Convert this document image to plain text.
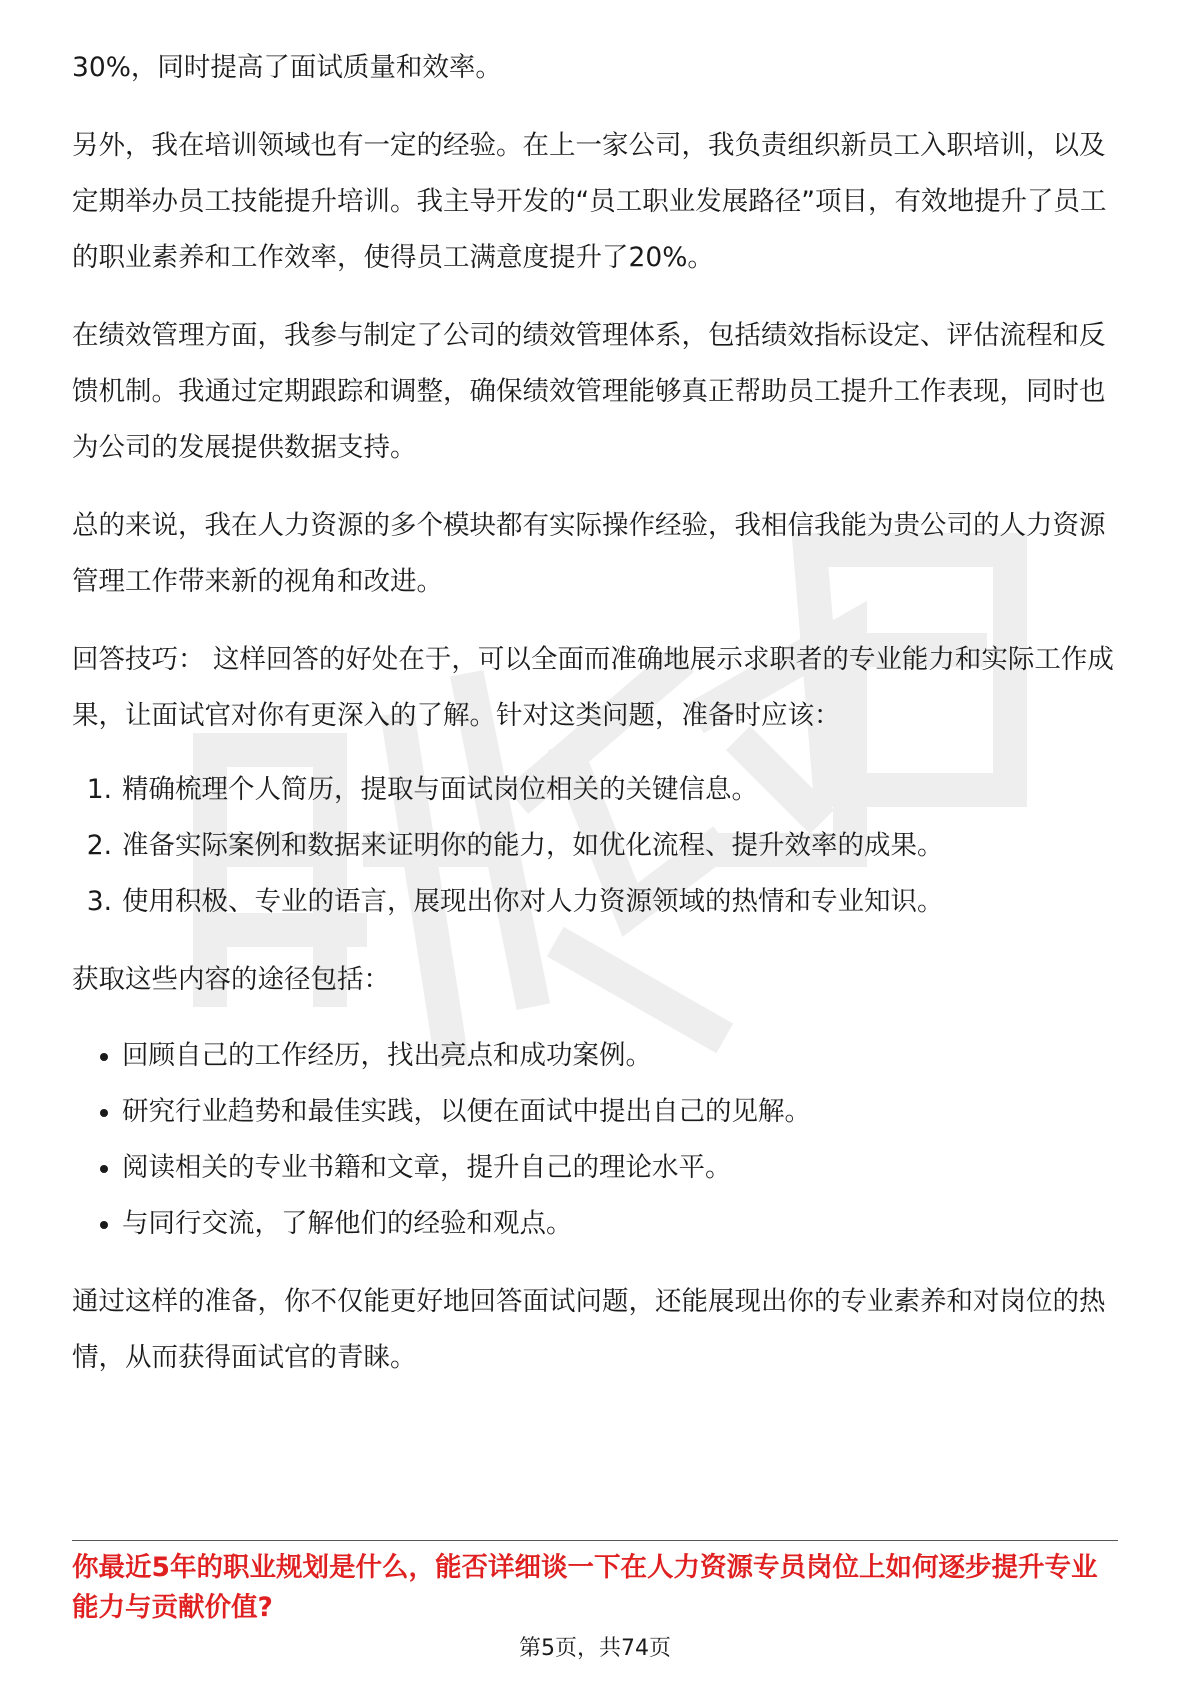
30%，同时提高了面试质量和效率。

另外，我在培训领域也有一定的经验。在上一家公司，我负责组织新员工入职培训，以及定期举办员工技能提升培训。我主导开发的“员工职业发展路径”项目，有效地提升了员工的职业素养和工作效率，使得员工满意度提升了20%。

在绩效管理方面，我参与制定了公司的绩效管理体系，包括绩效指标设定、评估流程和反馈机制。我通过定期跟踪和调整，确保绩效管理能够真正帮助员工提升工作表现，同时也为公司的发展提供数据支持。

总的来说，我在人力资源的多个模块都有实际操作经验，我相信我能为贵公司的人力资源管理工作带来新的视角和改进。

回答技巧： 这样回答的好处在于，可以全面而准确地展示求职者的专业能力和实际工作成果，让面试官对你有更深入的了解。针对这类问题，准备时应该：

1. 精确梳理个人简历，提取与面试岗位相关的关键信息。
2. 准备实际案例和数据来证明你的能力，如优化流程、提升效率的成果。
3. 使用积极、专业的语言，展现出你对人力资源领域的热情和专业知识。

获取这些内容的途径包括：

回顾自己的工作经历，找出亮点和成功案例。
研究行业趋势和最佳实践，以便在面试中提出自己的见解。
阅读相关的专业书籍和文章，提升自己的理论水平。
与同行交流，了解他们的经验和观点。

通过这样的准备，你不仅能更好地回答面试问题，还能展现出你的专业素养和对岗位的热情，从而获得面试官的青睐。

你最近5年的职业规划是什么，能否详细谈一下在人力资源专员岗位上如何逐步提升专业能力与贡献价值?

第5页，共74页
